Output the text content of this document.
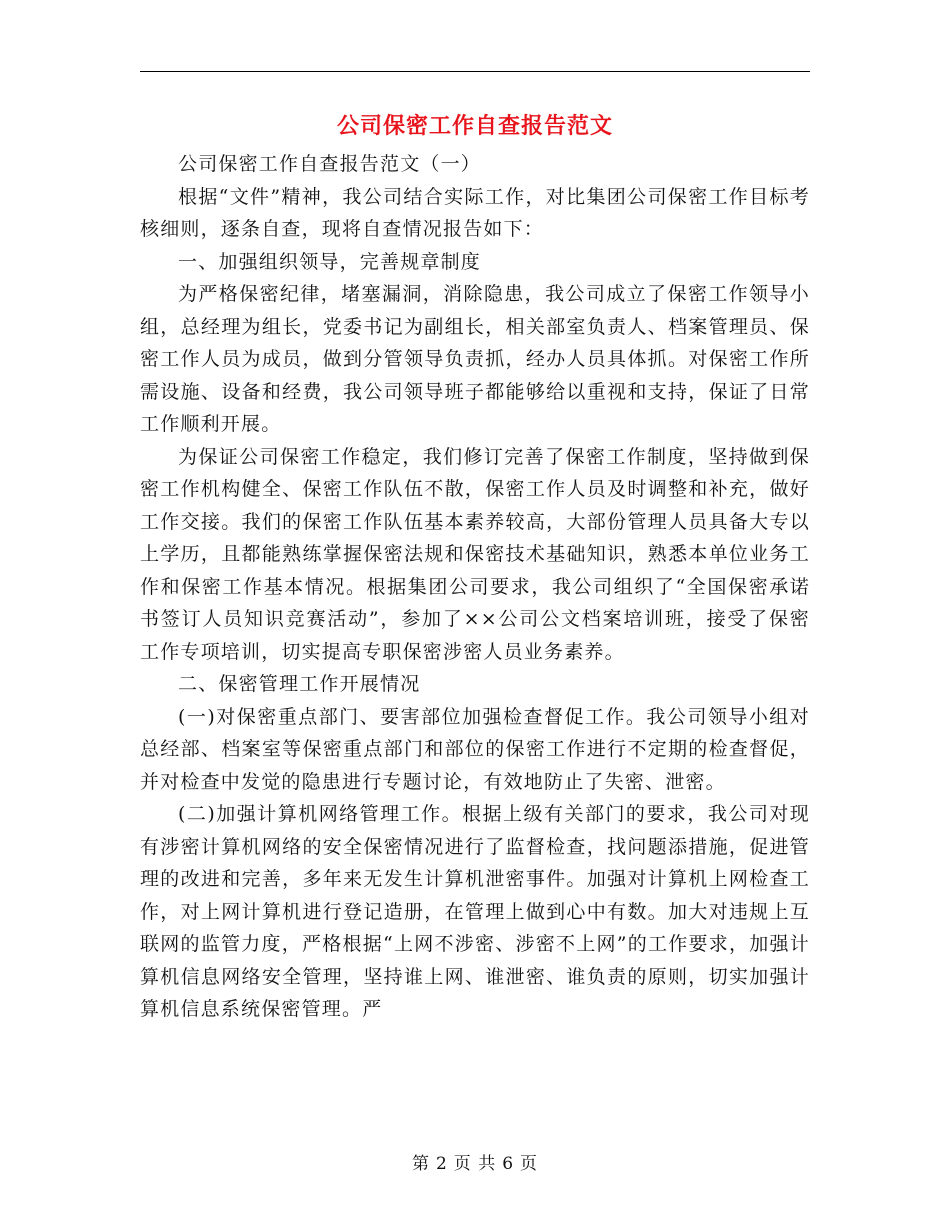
公司保密工作自查报告范文

公司保密工作自查报告范文（一）

根据“文件”精神，我公司结合实际工作，对比集团公司保密工作目标考核细则，逐条自查，现将自查情况报告如下：

一、加强组织领导，完善规章制度

为严格保密纪律，堵塞漏洞，消除隐患，我公司成立了保密工作领导小组，总经理为组长，党委书记为副组长，相关部室负责人、档案管理员、保密工作人员为成员，做到分管领导负责抓，经办人员具体抓。对保密工作所需设施、设备和经费，我公司领导班子都能够给以重视和支持，保证了日常工作顺利开展。

为保证公司保密工作稳定，我们修订完善了保密工作制度，坚持做到保密工作机构健全、保密工作队伍不散，保密工作人员及时调整和补充，做好工作交接。我们的保密工作队伍基本素养较高，大部份管理人员具备大专以上学历，且都能熟练掌握保密法规和保密技术基础知识，熟悉本单位业务工作和保密工作基本情况。根据集团公司要求，我公司组织了“全国保密承诺书签订人员知识竞赛活动”，参加了××公司公文档案培训班，接受了保密工作专项培训，切实提高专职保密涉密人员业务素养。

二、保密管理工作开展情况

(一)对保密重点部门、要害部位加强检查督促工作。我公司领导小组对总经部、档案室等保密重点部门和部位的保密工作进行不定期的检查督促，并对检查中发觉的隐患进行专题讨论，有效地防止了失密、泄密。

(二)加强计算机网络管理工作。根据上级有关部门的要求，我公司对现有涉密计算机网络的安全保密情况进行了监督检查，找问题添措施，促进管理的改进和完善，多年来无发生计算机泄密事件。加强对计算机上网检查工作，对上网计算机进行登记造册，在管理上做到心中有数。加大对违规上互联网的监管力度，严格根据“上网不涉密、涉密不上网”的工作要求，加强计算机信息网络安全管理，坚持谁上网、谁泄密、谁负责的原则，切实加强计算机信息系统保密管理。严

第 2 页 共 6 页
